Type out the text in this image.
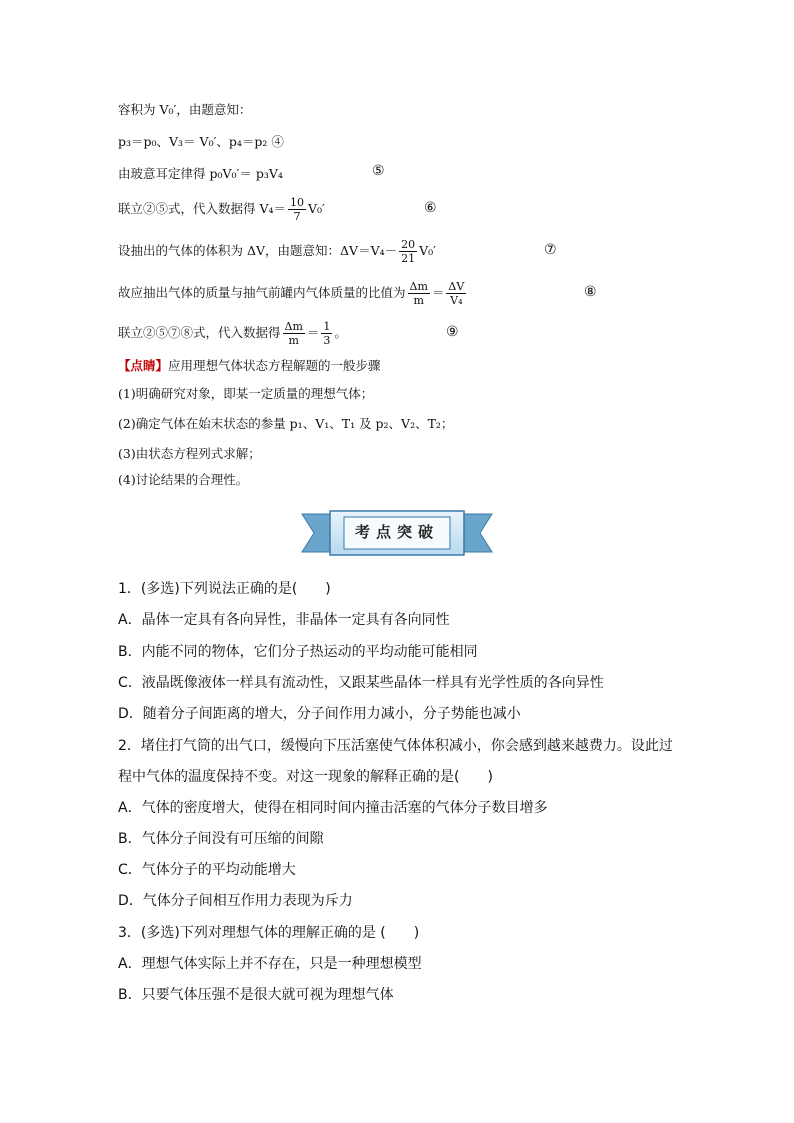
容积为 V₀′，由题意知：
p₃＝p₀、V₃＝ V₀′、p₄＝p₂ ④
由玻意耳定律得 p₀V₀′＝ p₃V₄	⑤
联立②⑤式，代入数据得 $V_4= \frac{10}{7} V_0'$	⑥
设抽出的气体的体积为 ΔV，由题意知：$\Delta V=V_4- \frac{20}{21} V_0'$	⑦
故应抽出气体的质量与抽气前罐内气体质量的比值为 $\frac{\Delta m}{m} = \frac{\Delta V}{\text{V₄}}$	⑧
联立②⑤⑦⑧式，代入数据得 $\frac{\Delta m}{m} = \frac{1}{3}$ 。	⑨
【点睛】应用理想气体状态方程解题的一般步骤
(1)明确研究对象，即某一定质量的理想气体；
(2)确定气体在始末状态的参量 p₁、V₁、T₁ 及 p₂、V₂、T₂；
(3)由状态方程列式求解；
(4)讨论结果的合理性。
考点突破
1．(多选)下列说法正确的是(　　)
A．晶体一定具有各向异性，非晶体一定具有各向同性
B．内能不同的物体，它们分子热运动的平均动能可能相同
C．液晶既像液体一样具有流动性，又跟某些晶体一样具有光学性质的各向异性
D．随着分子间距离的增大，分子间作用力减小，分子势能也减小
2．堵住打气筒的出气口，缓慢向下压活塞使气体体积减小，你会感到越来越费力。设此过
程中气体的温度保持不变。对这一现象的解释正确的是(　　)
A．气体的密度增大，使得在相同时间内撞击活塞的气体分子数目增多
B．气体分子间没有可压缩的间隙
C．气体分子的平均动能增大
D．气体分子间相互作用力表现为斥力
3．(多选)下列对理想气体的理解正确的是 (　　)
A．理想气体实际上并不存在，只是一种理想模型
B．只要气体压强不是很大就可视为理想气体
